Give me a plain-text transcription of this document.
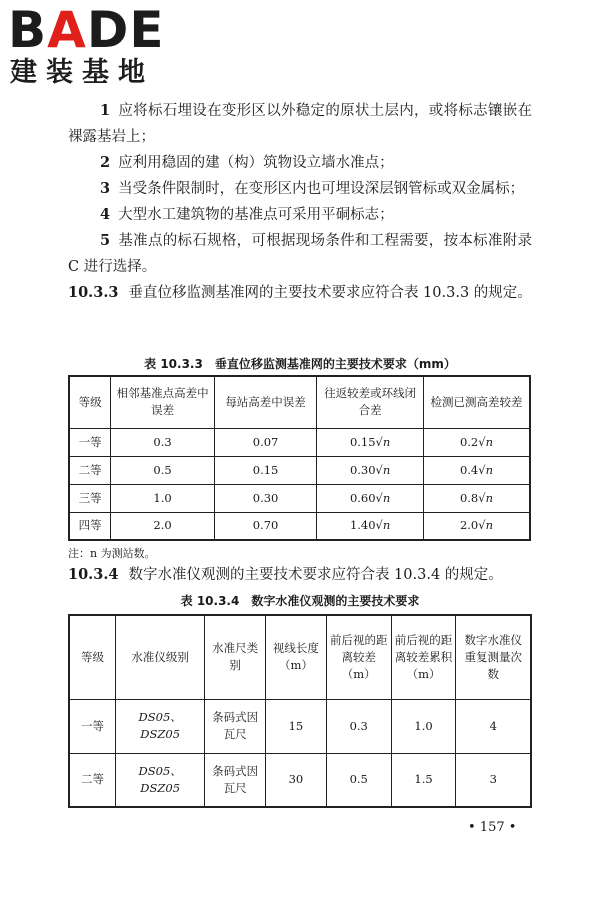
BADE
建装基地

1 应将标石埋设在变形区以外稳定的原状土层内，或将标志镶嵌在裸露基岩上；

2 应利用稳固的建（构）筑物设立墙水准点；

3 当受条件限制时，在变形区内也可埋设深层钢管标或双金属标；

4 大型水工建筑物的基准点可采用平硐标志；

5 基准点的标石规格，可根据现场条件和工程需要，按本标准附录 C 进行选择。

10.3.3 垂直位移监测基准网的主要技术要求应符合表 10.3.3 的规定。

表 10.3.3　垂直位移监测基准网的主要技术要求（mm）
等级	相邻基准点高差中误差	每站高差中误差	往返较差或环线闭合差	检测已测高差较差
一等	0.3	0.07	0.15√n	0.2√n
二等	0.5	0.15	0.30√n	0.4√n
三等	1.0	0.30	0.60√n	0.8√n
四等	2.0	0.70	1.40√n	2.0√n
注：n 为测站数。

10.3.4 数字水准仪观测的主要技术要求应符合表 10.3.4 的规定。

表 10.3.4　数字水准仪观测的主要技术要求
等级	水准仪级别	水准尺类别	视线长度（m）	前后视的距离较差（m）	前后视的距离较差累积（m）	数字水准仪重复测量次数
一等	DS05、DSZ05	条码式因瓦尺	15	0.3	1.0	4
二等	DS05、DSZ05	条码式因瓦尺	30	0.5	1.5	3
• 157 •
